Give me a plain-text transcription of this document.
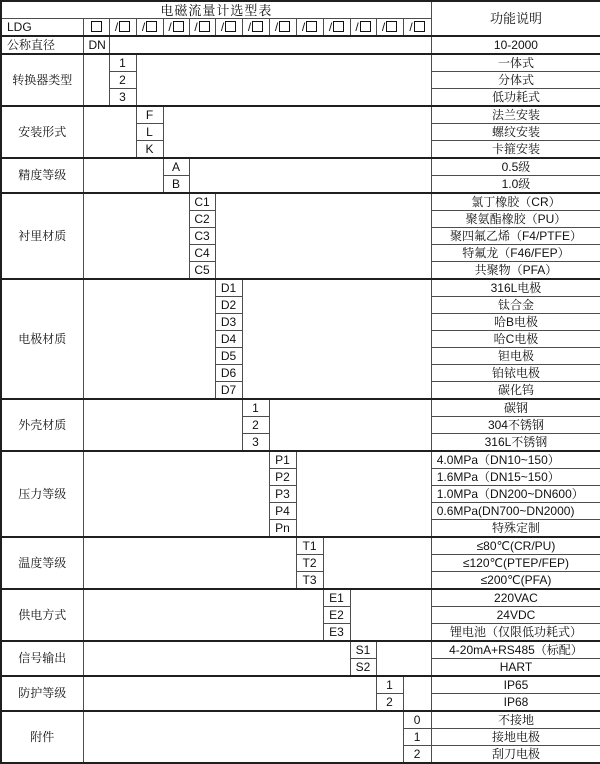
电磁流量计选型表														功能说明
LDG		/	/	/	/	/	/	/	/	/	/	/	/	
公称直径	DN													10-2000
转换器类型		1												一体式
		2												分体式
		3												低功耗式
安装形式			F											法兰安装
			L											螺纹安装
			K											卡箍安装
精度等级				A										0.5级
				B										1.0级
衬里材质					C1									氯丁橡胶（CR）
					C2									聚氨酯橡胶（PU）
					C3									聚四氟乙烯（F4/PTFE）
					C4									特氟龙（F46/FEP）
					C5									共聚物（PFA）
电极材质						D1								316L电极
						D2								钛合金
						D3								哈B电极
						D4								哈C电极
						D5								钽电极
						D6								铂铱电极
						D7								碳化钨
外壳材质							1							碳钢
							2							304不锈钢
							3							316L不锈钢
压力等级								P1						4.0MPa（DN10~150）
								P2						1.6MPa（DN15~150）
								P3						1.0MPa（DN200~DN600）
								P4						0.6MPa(DN700~DN2000)
								Pn						特殊定制
温度等级									T1					≤80℃(CR/PU)
									T2					≤120℃(PTEP/FEP)
									T3					≤200℃(PFA)
供电方式										E1				220VAC
										E2				24VDC
										E3				锂电池（仅限低功耗式）
信号输出											S1			4-20mA+RS485（标配）
											S2			HART
防护等级												1		IP65
												2		IP68
附件													0	不接地
													1	接地电极
													2	刮刀电极
